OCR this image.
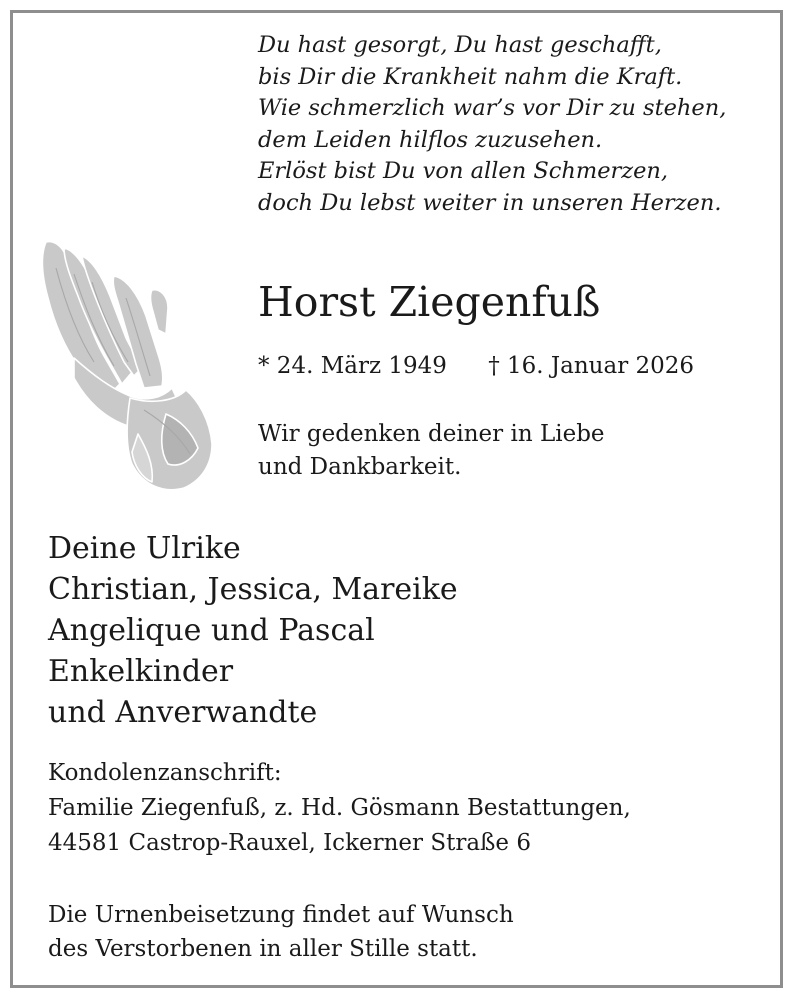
Du hast gesorgt, Du hast geschafft,
bis Dir die Krankheit nahm die Kraft.
Wie schmerzlich war’s vor Dir zu stehen,
dem Leiden hilflos zuzusehen.
Erlöst bist Du von allen Schmerzen,
doch Du lebst weiter in unseren Herzen.
Horst Ziegenfuß
* 24. März 1949 † 16. Januar 2026
Wir gedenken deiner in Liebe
und Dankbarkeit.
Deine Ulrike
Christian, Jessica, Mareike
Angelique und Pascal
Enkelkinder
und Anverwandte
Kondolenzanschrift:
Familie Ziegenfuß, z. Hd. Gösmann Bestattungen,
44581 Castrop-Rauxel, Ickerner Straße 6
Die Urnenbeisetzung findet auf Wunsch
des Verstorbenen in aller Stille statt.
